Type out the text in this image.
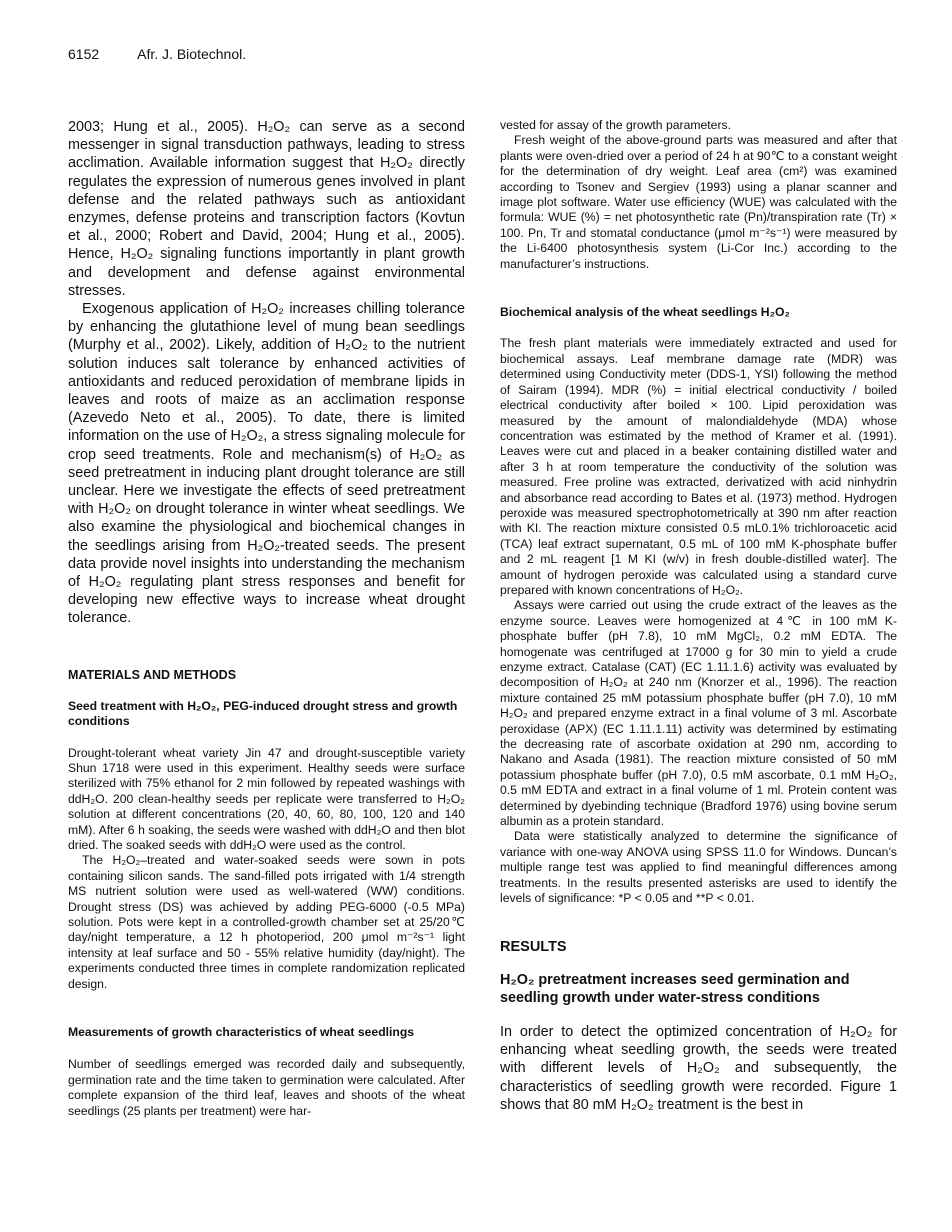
6152	Afr. J. Biotechnol.

2003; Hung et al., 2005). H₂O₂ can serve as a second messenger in signal transduction pathways, leading to stress acclimation. Available information suggest that H₂O₂ directly regulates the expression of numerous genes involved in plant defense and the related pathways such as antioxidant enzymes, defense proteins and transcription factors (Kovtun et al., 2000; Robert and David, 2004; Hung et al., 2005). Hence, H₂O₂ signaling functions importantly in plant growth and development and defense against environmental stresses.

Exogenous application of H₂O₂ increases chilling tolerance by enhancing the glutathione level of mung bean seedlings (Murphy et al., 2002). Likely, addition of H₂O₂ to the nutrient solution induces salt tolerance by enhanced activities of antioxidants and reduced peroxidation of membrane lipids in leaves and roots of maize as an acclimation response (Azevedo Neto et al., 2005). To date, there is limited information on the use of H₂O₂, a stress signaling molecule for crop seed treatments. Role and mechanism(s) of H₂O₂ as seed pretreatment in inducing plant drought tolerance are still unclear. Here we investigate the effects of seed pretreatment with H₂O₂ on drought tolerance in winter wheat seedlings. We also examine the physiological and biochemical changes in the seedlings arising from H₂O₂-treated seeds. The present data provide novel insights into understanding the mechanism of H₂O₂ regulating plant stress responses and benefit for developing new effective ways to increase wheat drought tolerance.

MATERIALS AND METHODS

Seed treatment with H₂O₂, PEG-induced drought stress and growth conditions

Drought-tolerant wheat variety Jin 47 and drought-susceptible variety Shun 1718 were used in this experiment. Healthy seeds were surface sterilized with 75% ethanol for 2 min followed by repeated washings with ddH₂O. 200 clean-healthy seeds per replicate were transferred to H₂O₂ solution at different concentrations (20, 40, 60, 80, 100, 120 and 140 mM). After 6 h soaking, the seeds were washed with ddH₂O and then blot dried. The soaked seeds with ddH₂O were used as the control.

The H₂O₂–treated and water-soaked seeds were sown in pots containing silicon sands. The sand-filled pots irrigated with 1/4 strength MS nutrient solution were used as well-watered (WW) conditions. Drought stress (DS) was achieved by adding PEG-6000 (-0.5 MPa) solution. Pots were kept in a controlled-growth chamber set at 25/20℃ day/night temperature, a 12 h photoperiod, 200 μmol m⁻²s⁻¹ light intensity at leaf surface and 50 - 55% relative humidity (day/night). The experiments conducted three times in complete randomization replicated design.

Measurements of growth characteristics of wheat seedlings

Number of seedlings emerged was recorded daily and subsequently, germination rate and the time taken to germination were calculated. After complete expansion of the third leaf, leaves and shoots of the wheat seedlings (25 plants per treatment) were har-

vested for assay of the growth parameters.

Fresh weight of the above-ground parts was measured and after that plants were oven-dried over a period of 24 h at 90℃ to a constant weight for the determination of dry weight. Leaf area (cm²) was examined according to Tsonev and Sergiev (1993) using a planar scanner and image plot software. Water use efficiency (WUE) was calculated with the formula: WUE (%) = net photosynthetic rate (Pn)/transpiration rate (Tr) × 100. Pn, Tr and stomatal conductance (μmol m⁻²s⁻¹) were measured by the Li-6400 photosynthesis system (Li-Cor Inc.) according to the manufacturer’s instructions.

Biochemical analysis of the wheat seedlings H₂O₂

The fresh plant materials were immediately extracted and used for biochemical assays. Leaf membrane damage rate (MDR) was determined using Conductivity meter (DDS-1, YSI) following the method of Sairam (1994). MDR (%) = initial electrical conductivity / boiled electrical conductivity after boiled × 100. Lipid peroxidation was measured by the amount of malondialdehyde (MDA) whose concentration was estimated by the method of Kramer et al. (1991). Leaves were cut and placed in a beaker containing distilled water and after 3 h at room temperature the conductivity of the solution was measured. Free proline was extracted, derivatized with acid ninhydrin and absorbance read according to Bates et al. (1973) method. Hydrogen peroxide was measured spectrophotometrically at 390 nm after reaction with KI. The reaction mixture consisted 0.5 mL0.1% trichloroacetic acid (TCA) leaf extract supernatant, 0.5 mL of 100 mM K-phosphate buffer and 2 mL reagent [1 M KI (w/v) in fresh double-distilled water]. The amount of hydrogen peroxide was calculated using a standard curve prepared with known concentrations of H₂O₂.

Assays were carried out using the crude extract of the leaves as the enzyme source. Leaves were homogenized at 4℃ in 100 mM K-phosphate buffer (pH 7.8), 10 mM MgCl₂, 0.2 mM EDTA. The homogenate was centrifuged at 17000 g for 30 min to yield a crude enzyme extract. Catalase (CAT) (EC 1.11.1.6) activity was evaluated by decomposition of H₂O₂ at 240 nm (Knorzer et al., 1996). The reaction mixture contained 25 mM potassium phosphate buffer (pH 7.0), 10 mM H₂O₂ and prepared enzyme extract in a final volume of 3 ml. Ascorbate peroxidase (APX) (EC 1.11.1.11) activity was determined by estimating the decreasing rate of ascorbate oxidation at 290 nm, according to Nakano and Asada (1981). The reaction mixture consisted of 50 mM potassium phosphate buffer (pH 7.0), 0.5 mM ascorbate, 0.1 mM H₂O₂, 0.5 mM EDTA and extract in a final volume of 1 ml. Protein content was determined by dyebinding technique (Bradford 1976) using bovine serum albumin as a protein standard.

Data were statistically analyzed to determine the significance of variance with one-way ANOVA using SPSS 11.0 for Windows. Duncan’s multiple range test was applied to find meaningful differences among treatments. In the results presented asterisks are used to identify the levels of significance: *P < 0.05 and **P < 0.01.

RESULTS

H₂O₂ pretreatment increases seed germination and seedling growth under water-stress conditions

In order to detect the optimized concentration of H₂O₂ for enhancing wheat seedling growth, the seeds were treated with different levels of H₂O₂ and subsequently, the characteristics of seedling growth were recorded. Figure 1 shows that 80 mM H₂O₂ treatment is the best in
